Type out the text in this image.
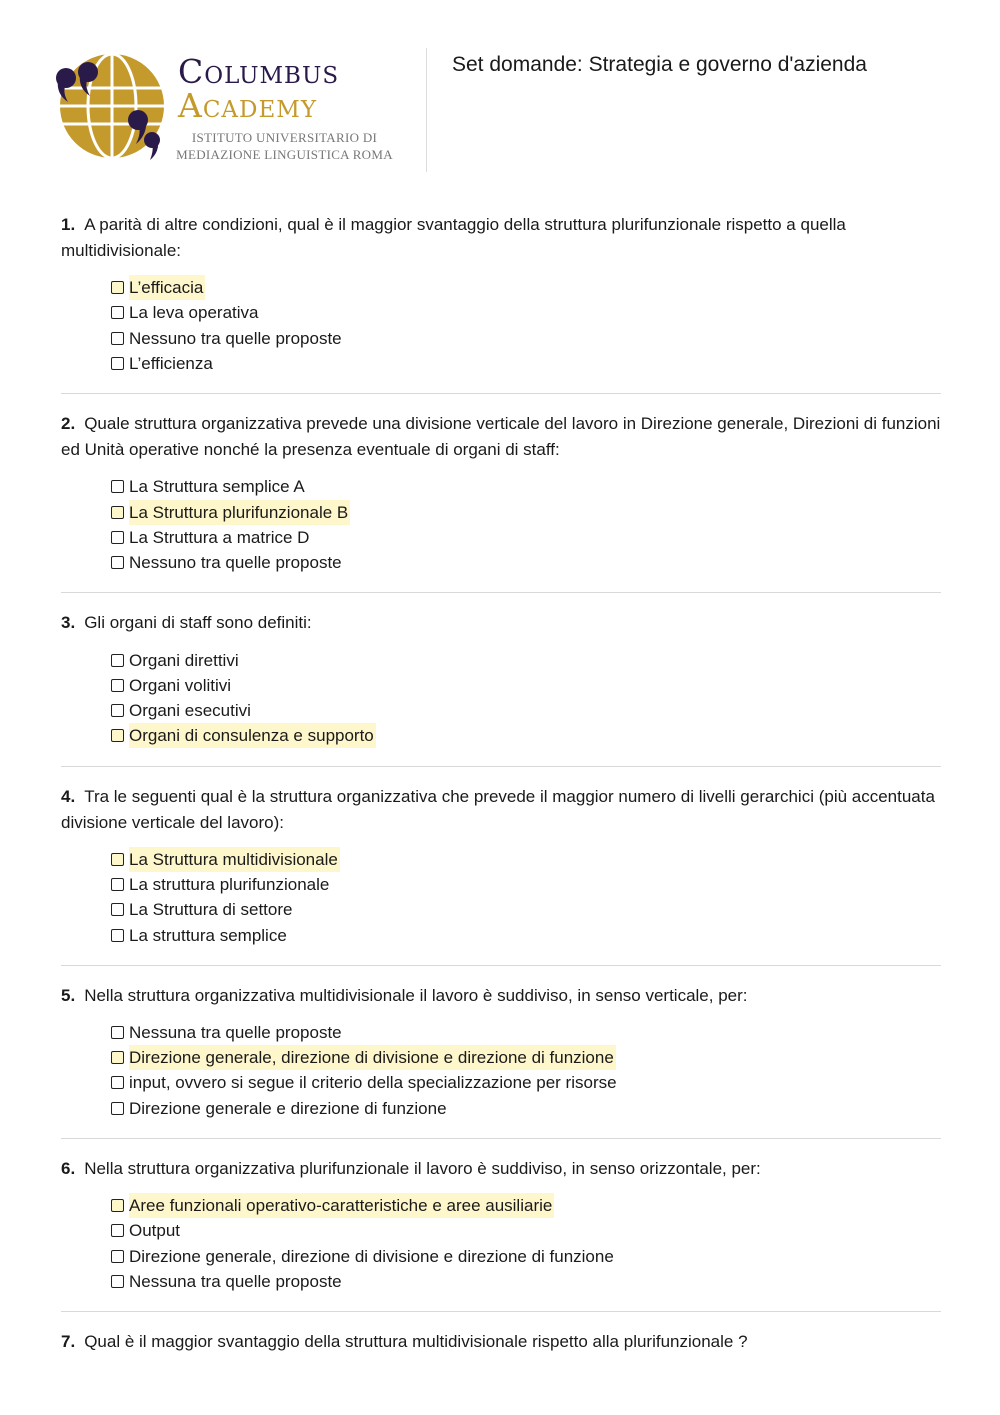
Columbus
Academy
ISTITUTO UNIVERSITARIO DI
MEDIAZIONE LINGUISTICA ROMA
Set domande: Strategia e governo d'azienda

1. A parità di altre condizioni, qual è il maggior svantaggio della struttura plurifunzionale rispetto a quella multidivisionale:

L’efficacia
La leva operativa
Nessuno tra quelle proposte
L’efficienza

2. Quale struttura organizzativa prevede una divisione verticale del lavoro in Direzione generale, Direzioni di funzioni ed Unità operative nonché la presenza eventuale di organi di staff:

La Struttura semplice A
La Struttura plurifunzionale B
La Struttura a matrice D
Nessuno tra quelle proposte

3. Gli organi di staff sono definiti:

Organi direttivi
Organi volitivi
Organi esecutivi
Organi di consulenza e supporto

4. Tra le seguenti qual è la struttura organizzativa che prevede il maggior numero di livelli gerarchici (più accentuata divisione verticale del lavoro):

La Struttura multidivisionale
La struttura plurifunzionale
La Struttura di settore
La struttura semplice

5. Nella struttura organizzativa multidivisionale il lavoro è suddiviso, in senso verticale, per:

Nessuna tra quelle proposte
Direzione generale, direzione di divisione e direzione di funzione
input, ovvero si segue il criterio della specializzazione per risorse
Direzione generale e direzione di funzione

6. Nella struttura organizzativa plurifunzionale il lavoro è suddiviso, in senso orizzontale, per:

Aree funzionali operativo-caratteristiche e aree ausiliarie
Output
Direzione generale, direzione di divisione e direzione di funzione
Nessuna tra quelle proposte

7. Qual è il maggior svantaggio della struttura multidivisionale rispetto alla plurifunzionale ?
